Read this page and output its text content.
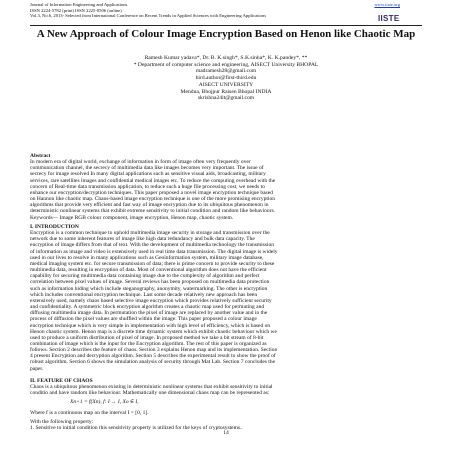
Journal of Information Engineering and Applications
ISSN 2224-5782 (print) ISSN 2225-0506 (online)
Vol.3, No.6, 2013- Selected from International Conference on Recent Trends in Applied Sciences with Engineering Applications
www.iiste.org
IISTE
A New Approach of Colour Image Encryption Based on Henon like Chaotic Map
Ramesh Kumar yadava*, Dr. B. K.singh*, S.K.sinha*, K. K.pandey*, **
* Department of computer science and engineering, AISECT University BHOPAL
madramesh28@gmail.com
bird.author@first-third.edu
AISECT UNIVERSITY
Mendua, Bhojpur Raisen Bhopal INDIA
skrishna24it@gmail.com
Abstract
In modern era of digital world, exchange of information in form of image often very frequently over
communication channel, the secrecy of multimedia data like images becomes very important. The issue of
secrecy for image resolved In many digital applications such as sensitive visual aids, broadcasting, military
services, rare satellites images and confidential medical images etc. To reduce the computing overhead with the
concern of Real-time data transmission application, to reduce such a huge file processing cost, we needs to
enhance our encryption/decryption techniques. This paper proposed a novel image encryption technique based
on Hannon like chaotic map. Chaos-based image encryption technique is one of the more promising encryption
algorithms that provide very efficient and fast way of image encryption due to its ubiquitous phenomenon in
deterministic nonlinear systems that exhibit extreme sensitivity to initial condition and random like behaviours.
Keywords— Image RGB colour component, image encryption, Henon map, chaotic system.
I. INTRODUCTION
Encryption is a common technique to uphold multimedia image security in storage and transmission over the
network due to some inherent features of image like high data redundancy and bulk data capacity. The
encryption of image differs from that of text. With the development of multimedia technology the transmission
of information as image and video is extensively used in real time data transmission. The digital image is widely
used in our lives to resolve in many applications such as Geoinformation system, military image database,
medical imaging system etc. for secure transmission of data; there is prime concern to provide security to these
multimedia data, resulting in encryption of data. Most of conventional algorithm does not have the efficient
capability for securing multimedia data containing image due to the complexity of algorithm and perfect
correlation between pixel values of image. Several reviews has been proposed on multimedia data protection
such as information hiding which include steganography, anonymity, watermarking. The other is encryption
which includes conventional encryption technique. Last some decade relatively new approach has been
extensively used, namely chaos based selective image encryption which provides relatively sufficient security
and confidentiality. A symmetric block encryption algorithm creates a chaotic map used for permuting and
diffusing multimedia image data. In permutation the pixel of image are replaced by another value and in the
process of diffusion the pixel values are shuffled within the image. This paper proposed a colour image
encryption technique which is very simple in implementation with high level of efficiency, which is based on
Henon chaotic system. Henon map is a discrete time dynamic system which exhibit chaotic behaviour which we
used to produce a uniform distribution of pixel of image. In proposed method we take a bit stream of 8-bit
combination of image which is the input for the Encryption algorithm. The rest of this paper is organized as
follows. Section 2 describes the feature of chaos. Section 3 explains Henon map and its implementation. Section
4 present Encryption and decryption algorithm. Section 5 describes the experimental result to show the proof of
robust algorithm. Section 6 shows the simulation analysis of security through Mat Lab. Section 7 concludes the
paper.
II. FEATURE OF CHAOS
Chaos is a ubiquitous phenomenon existing in deterministic nonlinear systems that exhibit sensitivity to initial
conditio and have random like behaviour. Mathematically one dimensional chaos map can be represented as:
Xn+1 = f(Xn), f: I → I, Xo ∈ I,
Where f is a continuous map on the interval I = [0, 1].
With the following property:
1. Sensitive to initial condition this sensitivity property is utilized for the keys of cryptosystems..
14
